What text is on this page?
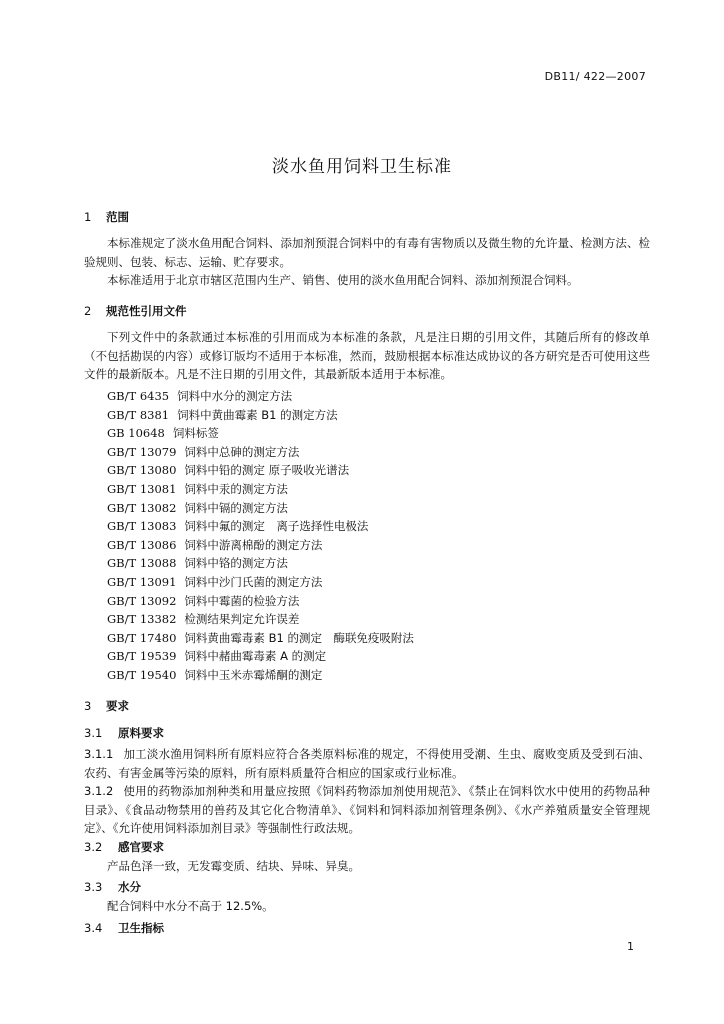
DB11/ 422—2007
淡水鱼用饲料卫生标准
1 范围

本标准规定了淡水鱼用配合饲料、添加剂预混合饲料中的有毒有害物质以及微生物的允许量、检测方法、检验规则、包装、标志、运输、贮存要求。

本标准适用于北京市辖区范围内生产、销售、使用的淡水鱼用配合饲料、添加剂预混合饲料。

2 规范性引用文件

下列文件中的条款通过本标准的引用而成为本标准的条款，凡是注日期的引用文件，其随后所有的修改单（不包括勘误的内容）或修订版均不适用于本标准，然而，鼓励根据本标准达成协议的各方研究是否可使用这些文件的最新版本。凡是不注日期的引用文件，其最新版本适用于本标准。

GB/T 6435 饲料中水分的测定方法
GB/T 8381 饲料中黄曲霉素 B1 的测定方法
GB 10648 饲料标签
GB/T 13079 饲料中总砷的测定方法
GB/T 13080 饲料中铅的测定 原子吸收光谱法
GB/T 13081 饲料中汞的测定方法
GB/T 13082 饲料中镉的测定方法
GB/T 13083 饲料中氟的测定　离子选择性电极法
GB/T 13086 饲料中游离棉酚的测定方法
GB/T 13088 饲料中铬的测定方法
GB/T 13091 饲料中沙门氏菌的测定方法
GB/T 13092 饲料中霉菌的检验方法
GB/T 13382 检测结果判定允许误差
GB/T 17480 饲料黄曲霉毒素 B1 的测定　酶联免疫吸附法
GB/T 19539 饲料中赭曲霉毒素 A 的测定
GB/T 19540 饲料中玉米赤霉烯酮的测定
3 要求
3.1 原料要求

3.1.1 加工淡水渔用饲料所有原料应符合各类原料标准的规定，不得使用受潮、生虫、腐败变质及受到石油、农药、有害金属等污染的原料，所有原料质量符合相应的国家或行业标准。

3.1.2 使用的药物添加剂种类和用量应按照《饲料药物添加剂使用规范》、《禁止在饲料饮水中使用的药物品种目录》、《食品动物禁用的兽药及其它化合物清单》、《饲料和饲料添加剂管理条例》、《水产养殖质量安全管理规定》、《允许使用饲料添加剂目录》等强制性行政法规。

3.2 感官要求

产品色泽一致，无发霉变质、结块、异味、异臭。

3.3 水分

配合饲料中水分不高于 12.5%。

3.4 卫生指标
1
